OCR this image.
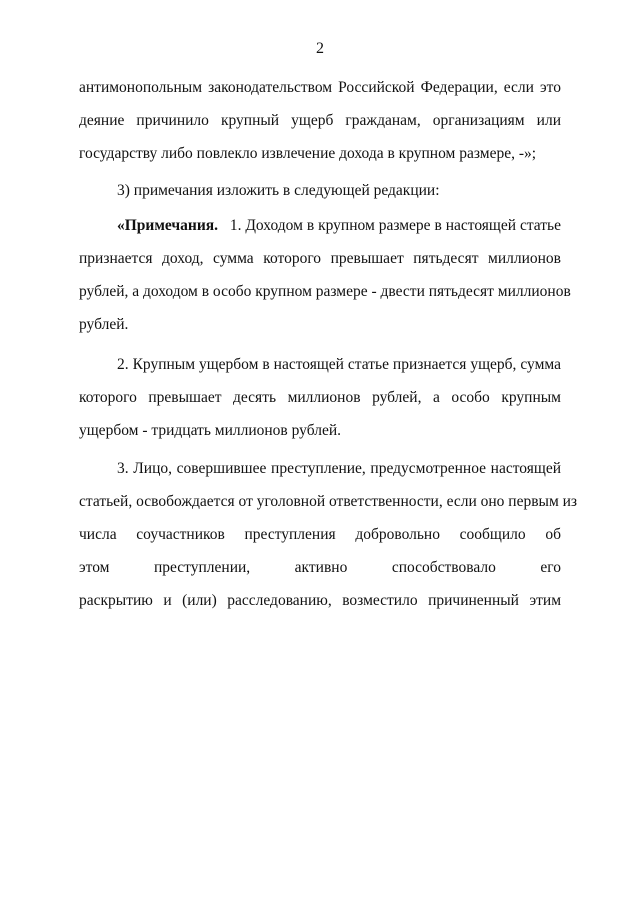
2
антимонопольным законодательством Российской Федерации, если это
деяние причинило крупный ущерб гражданам, организациям или
государству либо повлекло извлечение дохода в крупном размере, -»;
3) примечания изложить в следующей редакции:
«Примечания. 1. Доходом в крупном размере в настоящей статье
признается доход, сумма которого превышает пятьдесят миллионов
рублей, а доходом в особо крупном размере - двести пятьдесят миллионов
рублей.
2. Крупным ущербом в настоящей статье признается ущерб, сумма
которого превышает десять миллионов рублей, а особо крупным
ущербом - тридцать миллионов рублей.
3. Лицо, совершившее преступление, предусмотренное настоящей
статьей, освобождается от уголовной ответственности, если оно первым из
числа соучастников преступления добровольно сообщило об
этом преступлении, активно способствовало его
раскрытию и (или) расследованию, возместило причиненный этим
